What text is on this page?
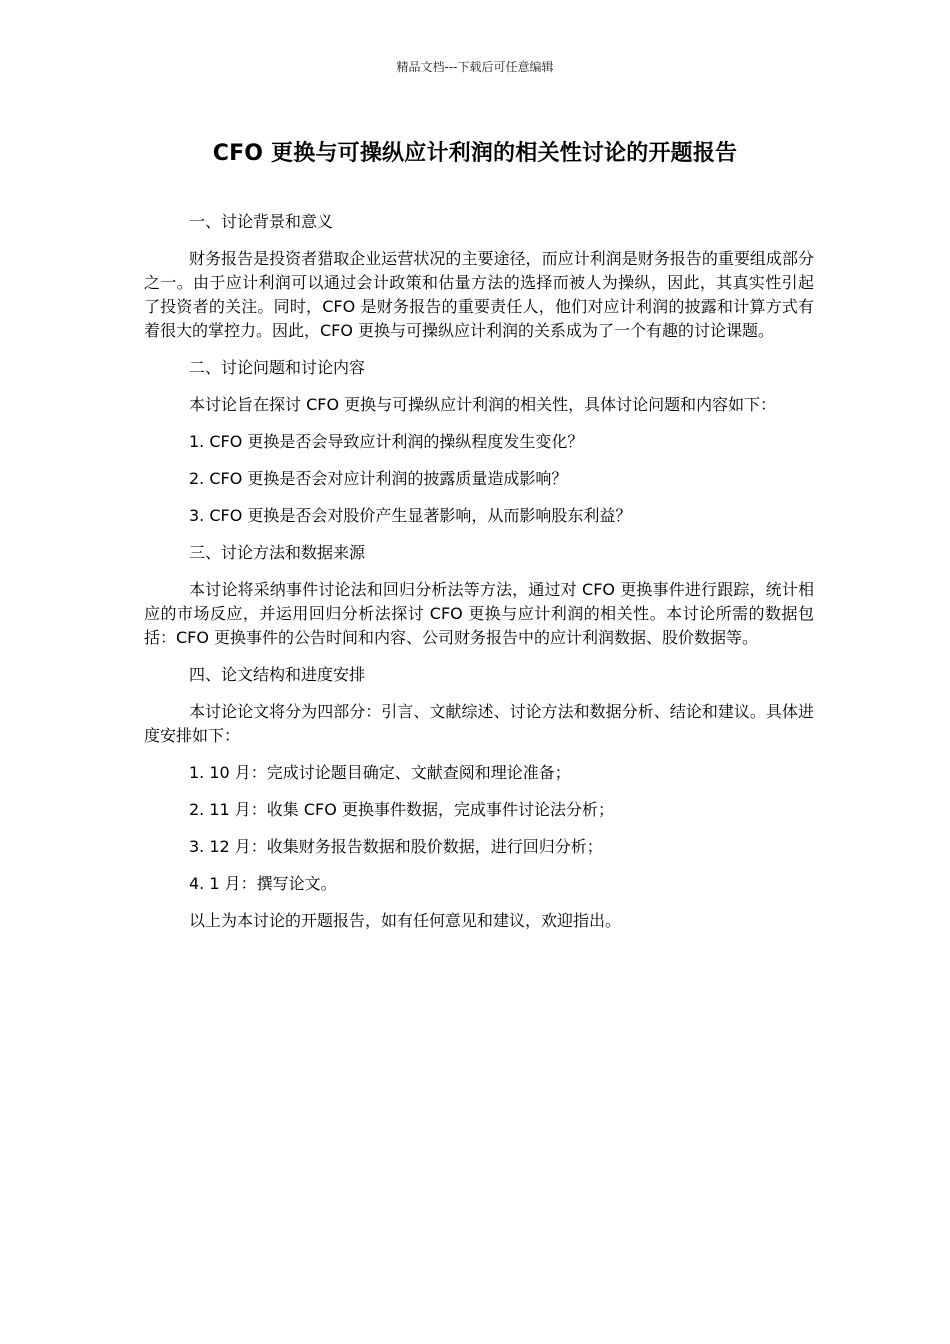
精品文档---下载后可任意编辑
CFO 更换与可操纵应计利润的相关性讨论的开题报告

一、讨论背景和意义

财务报告是投资者猎取企业运营状况的主要途径，而应计利润是财务报告的重要组成部分之一。由于应计利润可以通过会计政策和估量方法的选择而被人为操纵，因此，其真实性引起了投资者的关注。同时，CFO 是财务报告的重要责任人，他们对应计利润的披露和计算方式有着很大的掌控力。因此，CFO 更换与可操纵应计利润的关系成为了一个有趣的讨论课题。

二、讨论问题和讨论内容

本讨论旨在探讨 CFO 更换与可操纵应计利润的相关性，具体讨论问题和内容如下：

1. CFO 更换是否会导致应计利润的操纵程度发生变化？

2. CFO 更换是否会对应计利润的披露质量造成影响？

3. CFO 更换是否会对股价产生显著影响，从而影响股东利益？

三、讨论方法和数据来源

本讨论将采纳事件讨论法和回归分析法等方法，通过对 CFO 更换事件进行跟踪，统计相应的市场反应，并运用回归分析法探讨 CFO 更换与应计利润的相关性。本讨论所需的数据包括：CFO 更换事件的公告时间和内容、公司财务报告中的应计利润数据、股价数据等。

四、论文结构和进度安排

本讨论论文将分为四部分：引言、文献综述、讨论方法和数据分析、结论和建议。具体进度安排如下：

1. 10 月：完成讨论题目确定、文献查阅和理论准备；

2. 11 月：收集 CFO 更换事件数据，完成事件讨论法分析；

3. 12 月：收集财务报告数据和股价数据，进行回归分析；

4. 1 月：撰写论文。

以上为本讨论的开题报告，如有任何意见和建议，欢迎指出。
